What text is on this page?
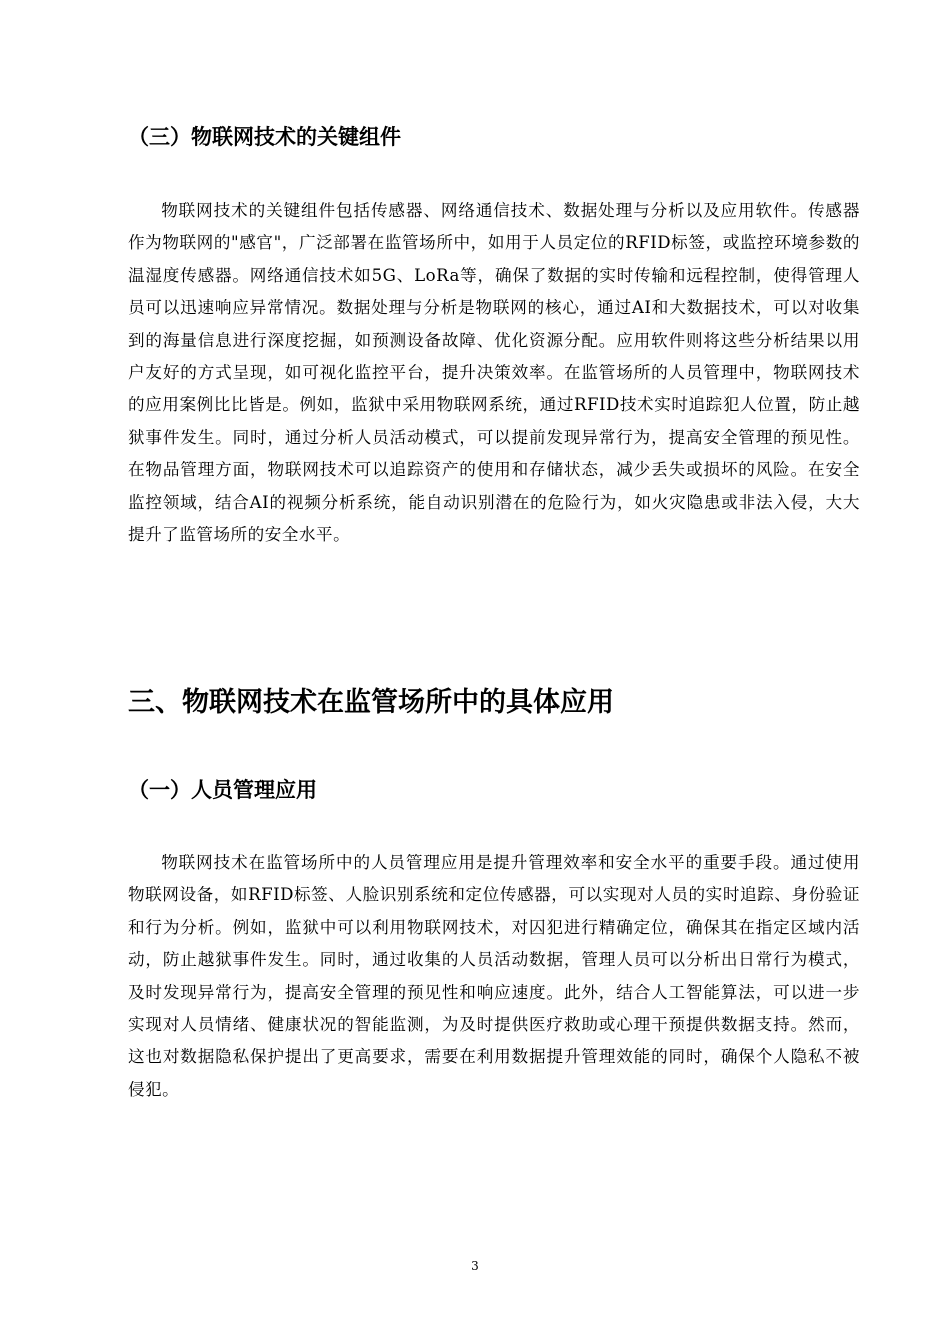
（三）物联网技术的关键组件

物联网技术的关键组件包括传感器、网络通信技术、数据处理与分析以及应用软件。传感器作为物联网的"感官"，广泛部署在监管场所中，如用于人员定位的RFID标签，或监控环境参数的温湿度传感器。网络通信技术如5G、LoRa等，确保了数据的实时传输和远程控制，使得管理人员可以迅速响应异常情况。数据处理与分析是物联网的核心，通过AI和大数据技术，可以对收集到的海量信息进行深度挖掘，如预测设备故障、优化资源分配。应用软件则将这些分析结果以用户友好的方式呈现，如可视化监控平台，提升决策效率。在监管场所的人员管理中，物联网技术的应用案例比比皆是。例如，监狱中采用物联网系统，通过RFID技术实时追踪犯人位置，防止越狱事件发生。同时，通过分析人员活动模式，可以提前发现异常行为，提高安全管理的预见性。在物品管理方面，物联网技术可以追踪资产的使用和存储状态，减少丢失或损坏的风险。在安全监控领域，结合AI的视频分析系统，能自动识别潜在的危险行为，如火灾隐患或非法入侵，大大提升了监管场所的安全水平。

三、物联网技术在监管场所中的具体应用
（一）人员管理应用

物联网技术在监管场所中的人员管理应用是提升管理效率和安全水平的重要手段。通过使用物联网设备，如RFID标签、人脸识别系统和定位传感器，可以实现对人员的实时追踪、身份验证和行为分析。例如，监狱中可以利用物联网技术，对囚犯进行精确定位，确保其在指定区域内活动，防止越狱事件发生。同时，通过收集的人员活动数据，管理人员可以分析出日常行为模式，及时发现异常行为，提高安全管理的预见性和响应速度。此外，结合人工智能算法，可以进一步实现对人员情绪、健康状况的智能监测，为及时提供医疗救助或心理干预提供数据支持。然而，这也对数据隐私保护提出了更高要求，需要在利用数据提升管理效能的同时，确保个人隐私不被侵犯。

3
